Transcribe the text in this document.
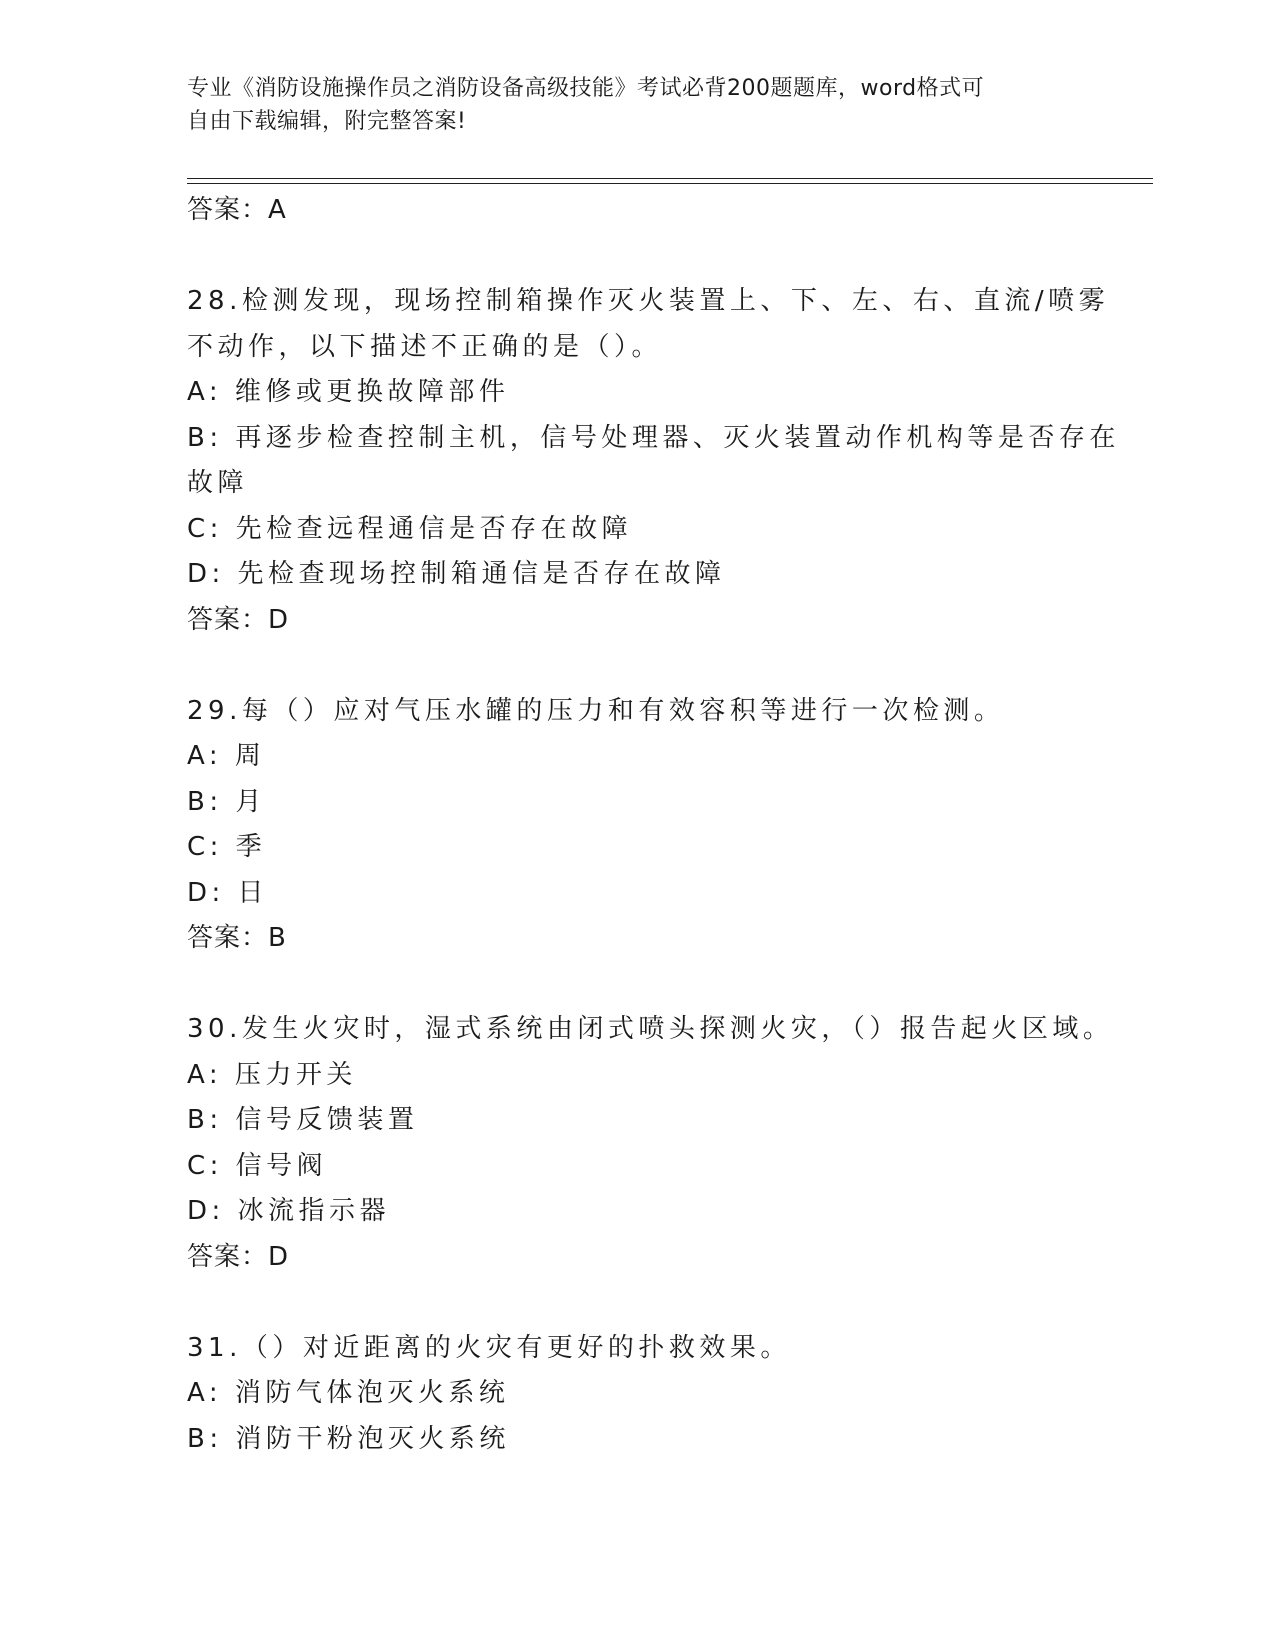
专业《消防设施操作员之消防设备高级技能》考试必背200题题库，word格式可
自由下载编辑，附完整答案!
答案：A
28.检测发现，现场控制箱操作灭火装置上、下、左、右、直流/喷雾
不动作，以下描述不正确的是（）。
A: 维修或更换故障部件
B: 再逐步检查控制主机，信号处理器、灭火装置动作机构等是否存在
故障
C: 先检查远程通信是否存在故障
D: 先检查现场控制箱通信是否存在故障
答案：D
29.每（）应对气压水罐的压力和有效容积等进行一次检测。
A: 周
B: 月
C: 季
D: 日
答案：B
30.发生火灾时，湿式系统由闭式喷头探测火灾，（）报告起火区域。
A: 压力开关
B: 信号反馈装置
C: 信号阀
D: 冰流指示器
答案：D
31.（）对近距离的火灾有更好的扑救效果。
A: 消防气体泡灭火系统
B: 消防干粉泡灭火系统
